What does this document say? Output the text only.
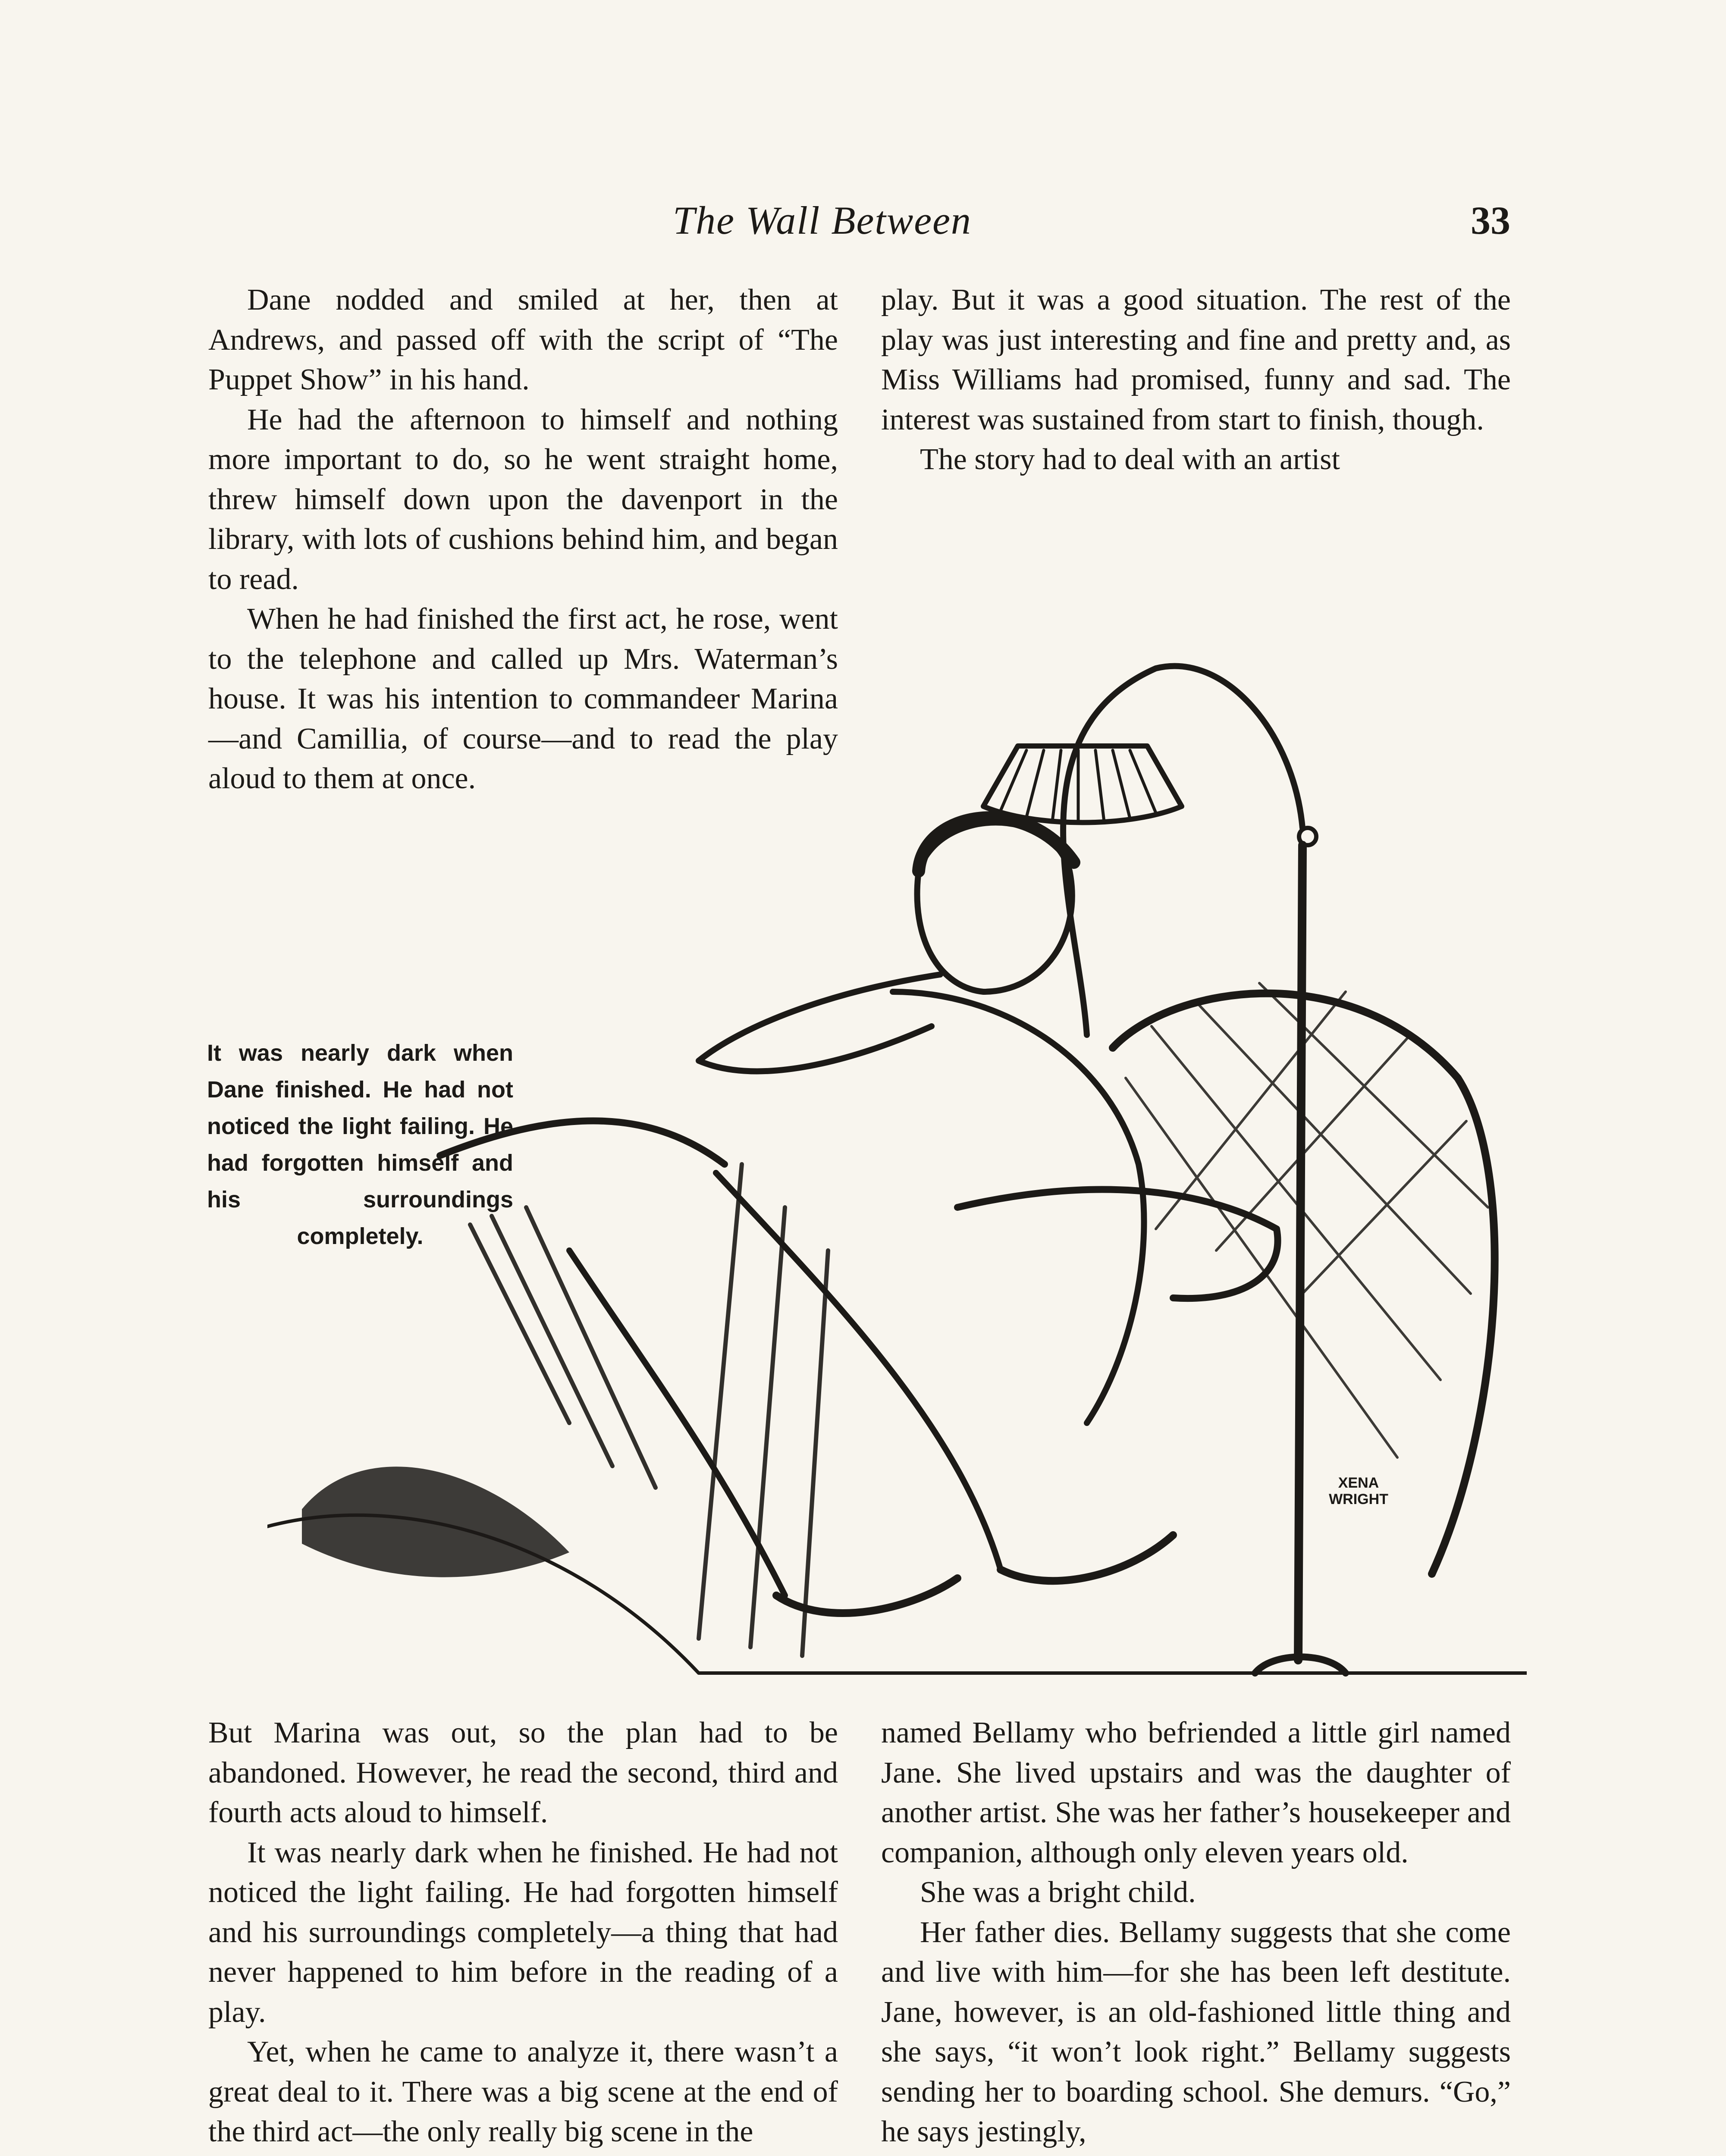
The Wall Between	33

Dane nodded and smiled at her, then at Andrews, and passed off with the script of “The Puppet Show” in his hand.

He had the afternoon to himself and nothing more important to do, so he went straight home, threw himself down upon the davenport in the library, with lots of cushions behind him, and began to read.

When he had finished the first act, he rose, went to the telephone and called up Mrs. Waterman’s house. It was his intention to commandeer Marina—and Camillia, of course—and to read the play aloud to them at once.

play. But it was a good situation. The rest of the play was just interesting and fine and pretty and, as Miss Williams had promised, funny and sad. The interest was sustained from start to finish, though.

The story had to deal with an artist

It was nearly dark when Dane finished. He had not noticed the light failing. He had forgotten himself and his surroundings completely.
XENA
WRIGHT

But Marina was out, so the plan had to be abandoned. However, he read the second, third and fourth acts aloud to himself.

It was nearly dark when he finished. He had not noticed the light failing. He had forgotten himself and his surroundings completely—a thing that had never happened to him before in the reading of a play.

Yet, when he came to analyze it, there wasn’t a great deal to it. There was a big scene at the end of the third act—the only really big scene in the

named Bellamy who befriended a little girl named Jane. She lived upstairs and was the daughter of another artist. She was her father’s housekeeper and companion, although only eleven years old.

She was a bright child.

Her father dies. Bellamy suggests that she come and live with him—for she has been left destitute. Jane, however, is an old-fashioned little thing and she says, “it won’t look right.” Bellamy suggests sending her to boarding school. She demurs. “Go,” he says jestingly,
